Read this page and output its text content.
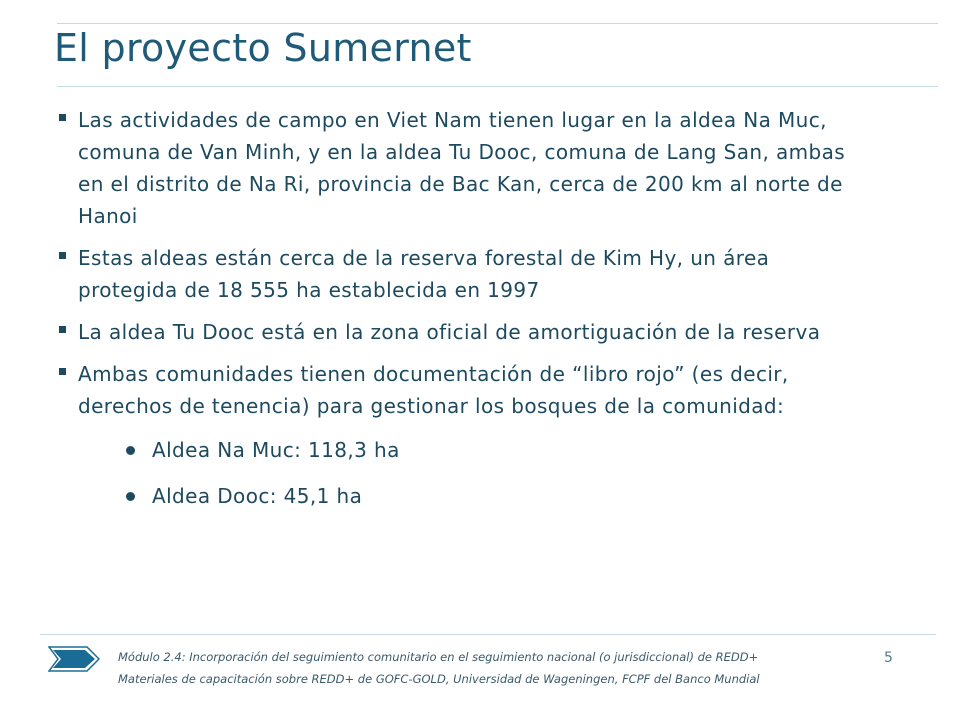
El proyecto Sumernet
Las actividades de campo en Viet Nam tienen lugar en la aldea Na Muc, comuna de Van Minh, y en la aldea Tu Dooc, comuna de Lang San, ambas en el distrito de Na Ri, provincia de Bac Kan, cerca de 200 km al norte de Hanoi
Estas aldeas están cerca de la reserva forestal de Kim Hy, un área protegida de 18 555 ha establecida en 1997
La aldea Tu Dooc está en la zona oficial de amortiguación de la reserva
Ambas comunidades tienen documentación de “libro rojo” (es decir, derechos de tenencia) para gestionar los bosques de la comunidad:
Aldea Na Muc: 118,3 ha
Aldea Dooc: 45,1 ha
Módulo 2.4: Incorporación del seguimiento comunitario en el seguimiento nacional (o jurisdiccional) de REDD+
Materiales de capacitación sobre REDD+ de GOFC-GOLD, Universidad de Wageningen, FCPF del Banco Mundial
5
